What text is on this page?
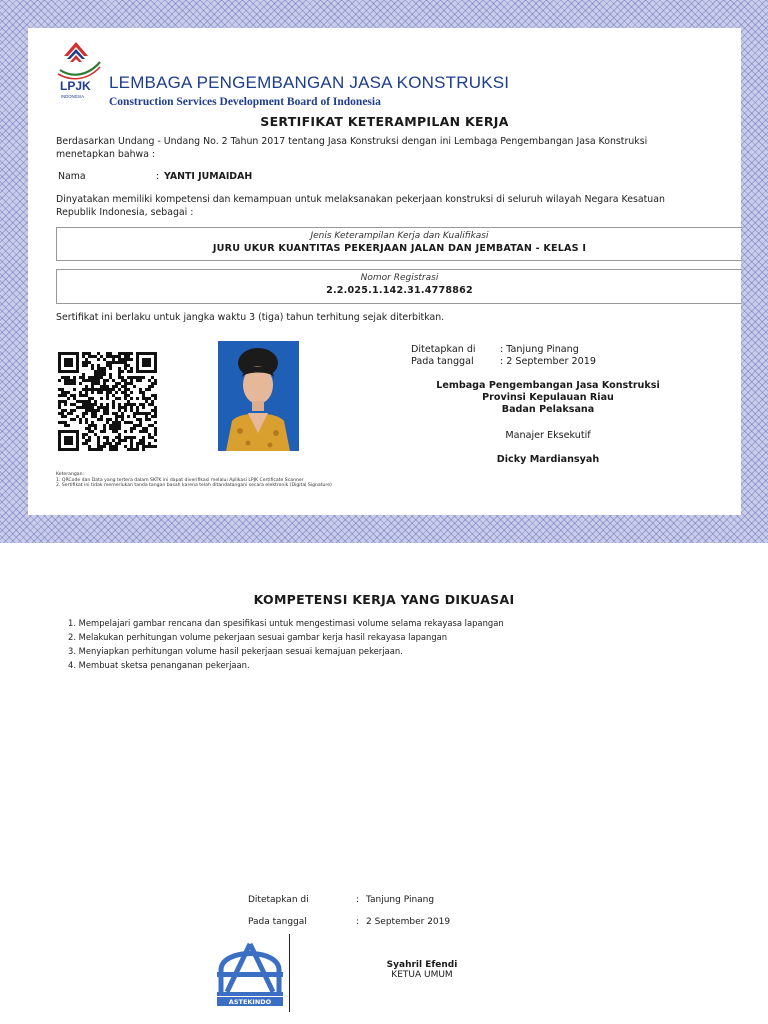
LPJK
INDONESIA
LEMBAGA PENGEMBANGAN JASA KONSTRUKSI
Construction Services Development Board of Indonesia
SERTIFIKAT KETERAMPILAN KERJA
Berdasarkan Undang - Undang No. 2 Tahun 2017 tentang Jasa Konstruksi dengan ini Lembaga Pengembangan Jasa Konstruksi menetapkan bahwa :
Nama	: YANTI JUMAIDAH
Dinyatakan memiliki kompetensi dan kemampuan untuk melaksanakan pekerjaan konstruksi di seluruh wilayah Negara Kesatuan Republik Indonesia, sebagai :
Jenis Keterampilan Kerja dan Kualifikasi
JURU UKUR KUANTITAS PEKERJAAN JALAN DAN JEMBATAN - KELAS I
Nomor Registrasi
2.2.025.1.142.31.4778862
Sertifikat ini berlaku untuk jangka waktu 3 (tiga) tahun terhitung sejak diterbitkan.
Ditetapkan di	: Tanjung Pinang
Pada tanggal	: 2 September 2019
Lembaga Pengembangan Jasa Konstruksi
Provinsi Kepulauan Riau
Badan Pelaksana
Manajer Eksekutif
Dicky Mardiansyah
Keterangan:
1. QRCode dan Data yang tertera dalam SKTK ini dapat diverifikasi melalui Aplikasi LPJK Certificate Scanner
2. Sertifikat ini tidak memerlukan tanda tangan basah karena telah ditandatangani secara elektronik (Digital Signature)
KOMPETENSI KERJA YANG DIKUASAI
1. Mempelajari gambar rencana dan spesifikasi untuk mengestimasi volume selama rekayasa lapangan
2. Melakukan perhitungan volume pekerjaan sesuai gambar kerja hasil rekayasa lapangan
3. Menyiapkan perhitungan volume hasil pekerjaan sesuai kemajuan pekerjaan.
4. Membuat sketsa penanganan pekerjaan.
Ditetapkan di	: Tanjung Pinang
Pada tanggal	: 2 September 2019
ASTEKINDO
Syahril Efendi
KETUA UMUM
